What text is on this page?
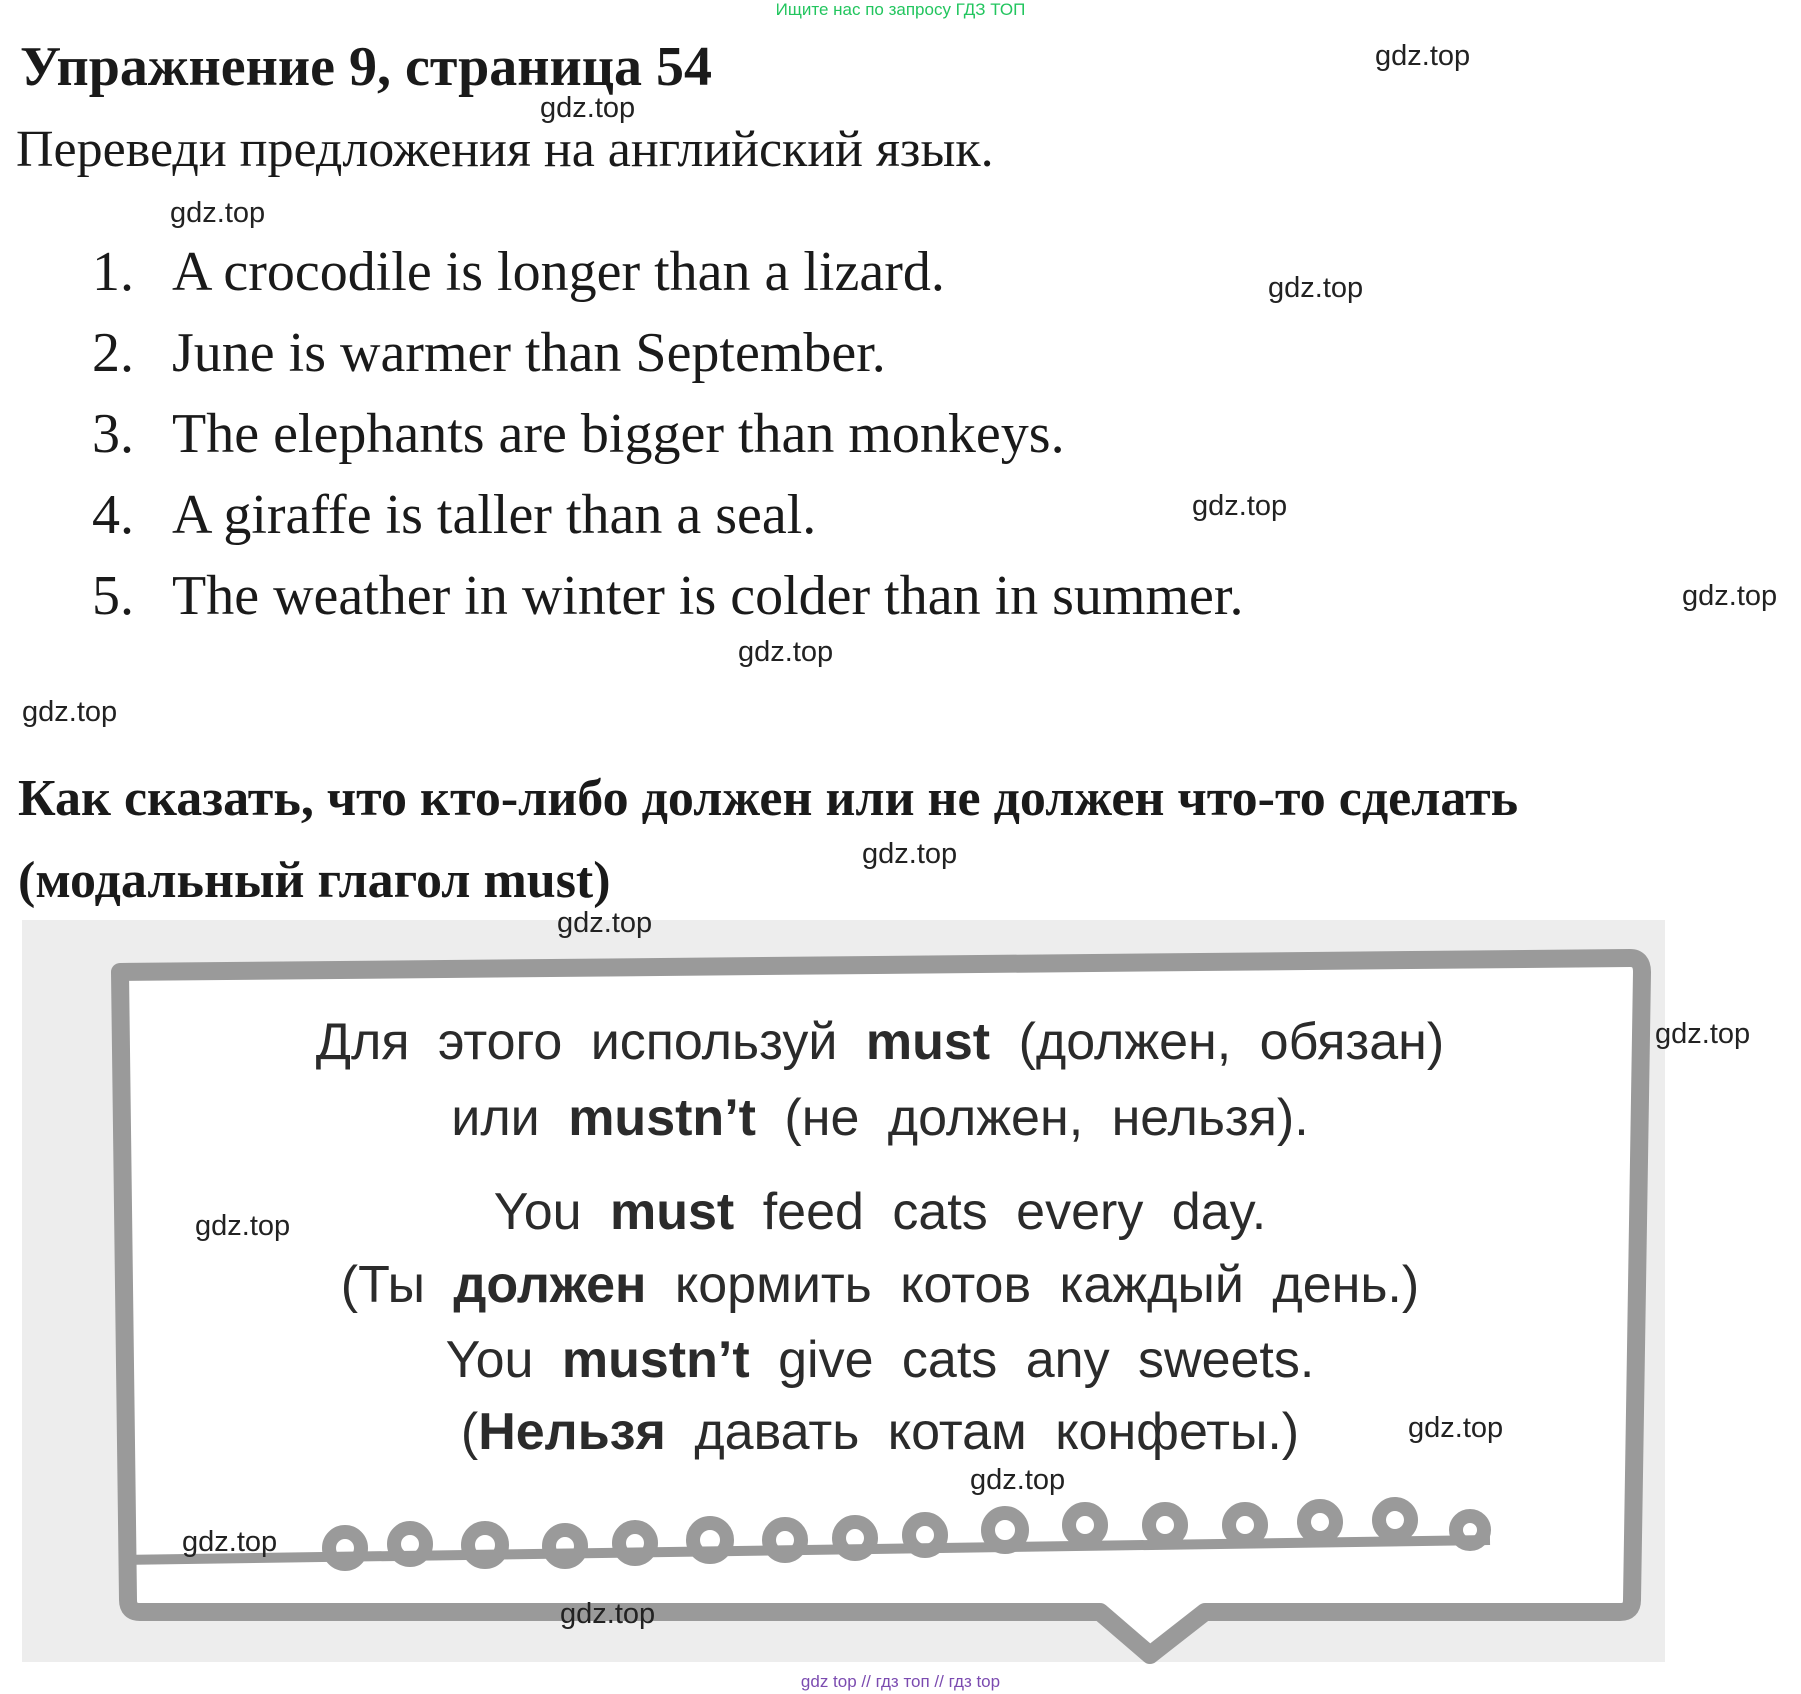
Ищите нас по запросу ГДЗ ТОП
Упражнение 9, страница 54
Переведи предложения на английский язык.
1. A crocodile is longer than a lizard.
2. June is warmer than September.
3. The elephants are bigger than monkeys.
4. A giraffe is taller than a seal.
5. The weather in winter is colder than in summer.
Как сказать, что кто-либо должен или не должен что-то сделать (модальный глагол must)
Для этого используй must (должен, обязан)
или mustn’t (не должен, нельзя).
You must feed cats every day.
(Ты должен кормить котов каждый день.)
You mustn’t give cats any sweets.
(Нельзя давать котам конфеты.)
gdz.top
gdz.top
gdz.top
gdz.top
gdz.top
gdz.top
gdz.top
gdz.top
gdz.top
gdz.top
gdz.top
gdz.top
gdz.top
gdz.top
gdz.top
gdz.top
gdz top // гдз топ // гдз top
